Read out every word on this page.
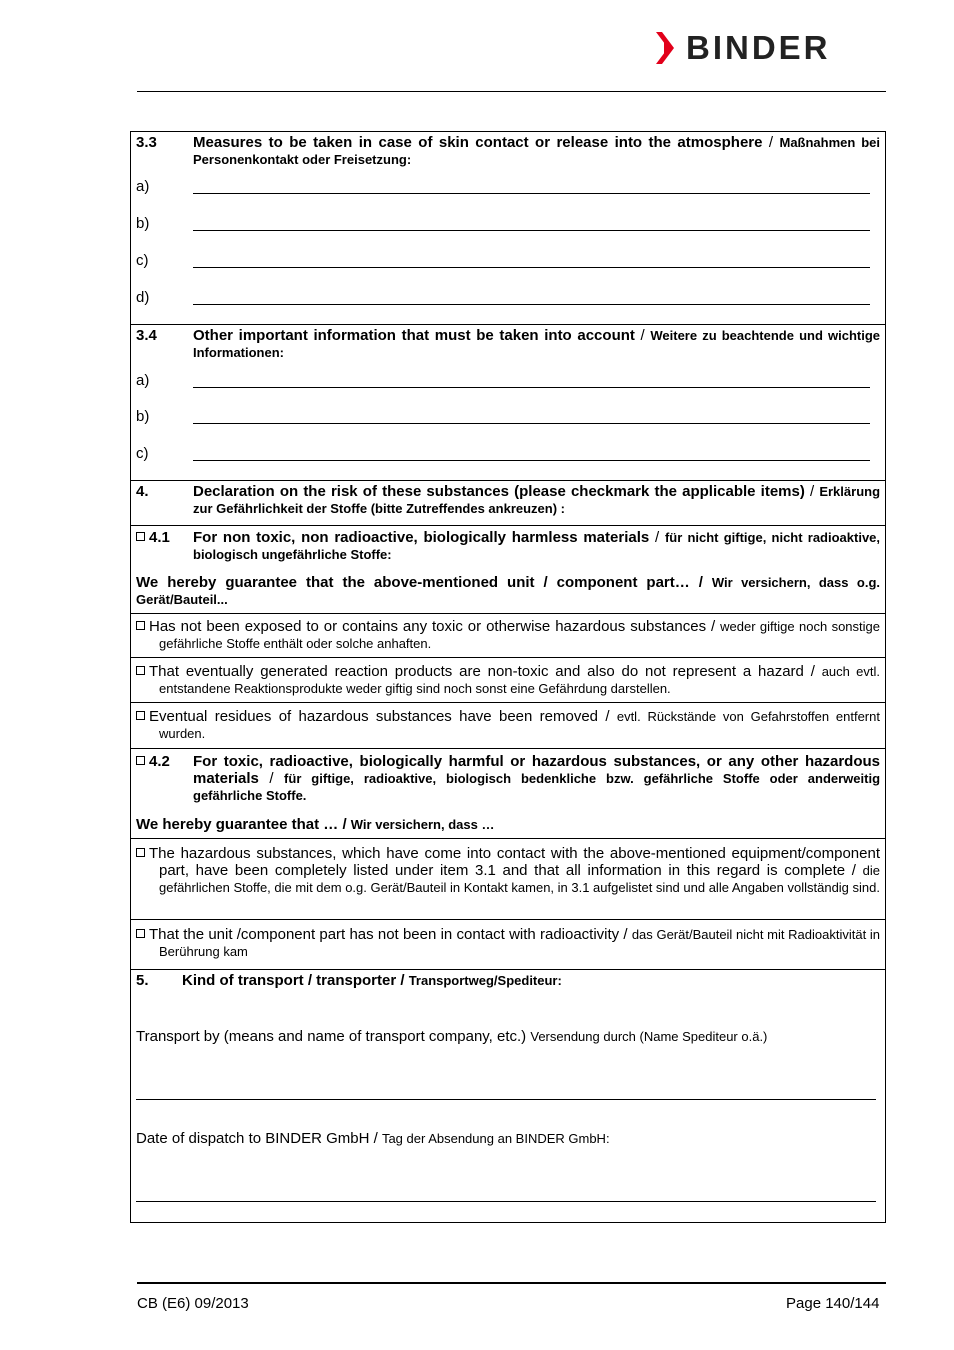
BINDER
3.3 Measures to be taken in case of skin contact or release into the atmosphere / Maßnahmen bei Personenkontakt oder Freisetzung:
a)
b)
c)
d)
3.4 Other important information that must be taken into account / Weitere zu beachtende und wichtige Informationen:
a)
b)
c)
4.	Declaration on the risk of these substances (please checkmark the applicable items) / Erklärung zur Gefährlichkeit der Stoffe (bitte Zutreffendes ankreuzen) :
4.1 For non toxic, non radioactive, biologically harmless materials / für nicht giftige, nicht radioaktive, biologisch ungefährliche Stoffe:
We hereby guarantee that the above-mentioned unit / component part… / Wir versichern, dass o.g. Gerät/Bauteil...
Has not been exposed to or contains any toxic or otherwise hazardous substances / weder giftige noch sonstige gefährliche Stoffe enthält oder solche anhaften.
That eventually generated reaction products are non-toxic and also do not represent a hazard / auch evtl. entstandene Reaktionsprodukte weder giftig sind noch sonst eine Gefährdung darstellen.
Eventual residues of hazardous substances have been removed / evtl. Rückstände von Gefahrstoffen entfernt wurden.
4.2 For toxic, radioactive, biologically harmful or hazardous substances, or any other hazardous materials / für giftige, radioaktive, biologisch bedenkliche bzw. gefährliche Stoffe oder anderweitig gefährliche Stoffe.
We hereby guarantee that … / Wir versichern, dass …
The hazardous substances, which have come into contact with the above-mentioned equipment/component part, have been completely listed under item 3.1 and that all information in this regard is complete / die gefährlichen Stoffe, die mit dem o.g. Gerät/Bauteil in Kontakt kamen, in 3.1 aufgelistet sind und alle Angaben vollständig sind.
That the unit /component part has not been in contact with radioactivity / das Gerät/Bauteil nicht mit Radioaktivität in Berührung kam
5. Kind of transport / transporter / Transportweg/Spediteur:
Transport by (means and name of transport company, etc.) Versendung durch (Name Spediteur o.ä.)
Date of dispatch to BINDER GmbH / Tag der Absendung an BINDER GmbH:
CB (E6) 09/2013	Page 140/144
